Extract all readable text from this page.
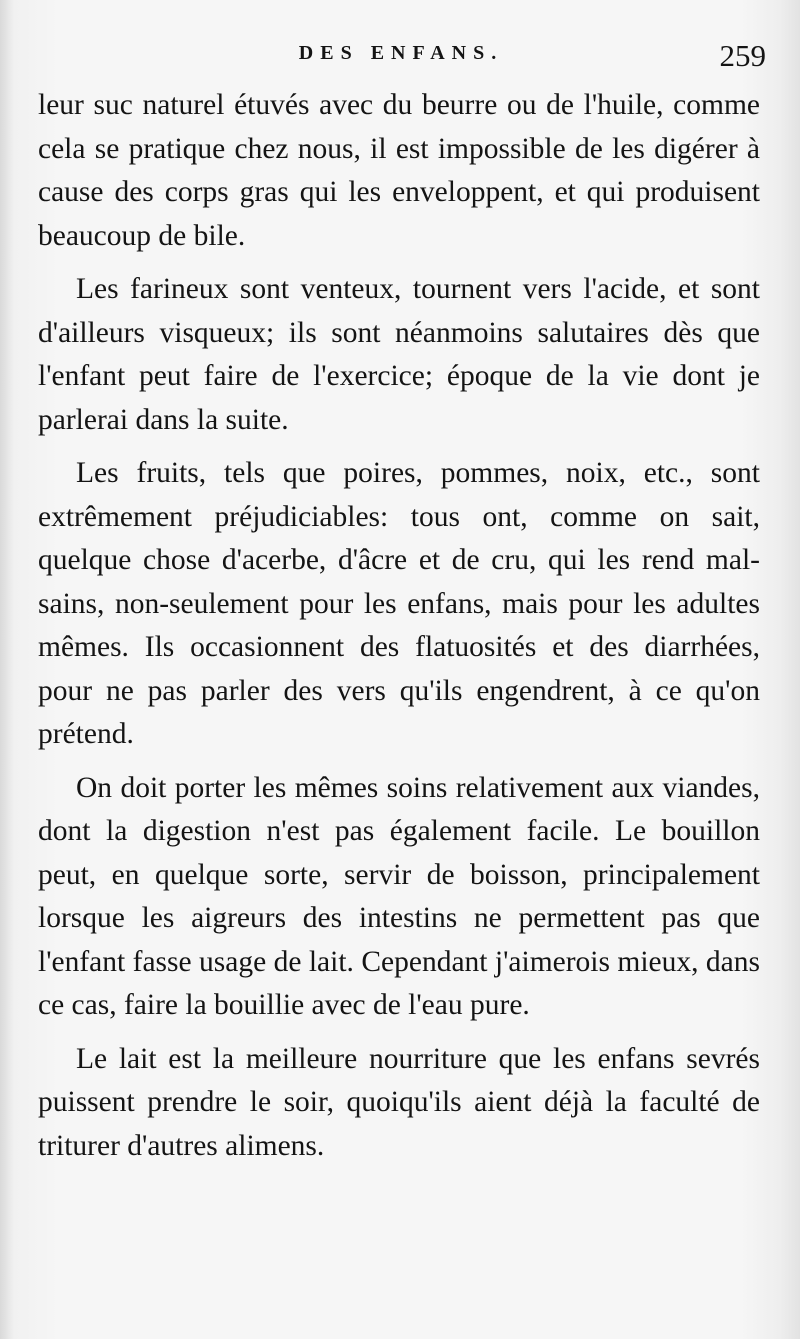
DES ENFANS.	259

leur suc naturel étuvés avec du beurre ou de l'huile, comme cela se pratique chez nous, il est impossible de les digérer à cause des corps gras qui les enveloppent, et qui produisent beaucoup de bile.

Les farineux sont venteux, tournent vers l'acide, et sont d'ailleurs visqueux; ils sont néanmoins salutaires dès que l'enfant peut faire de l'exercice; époque de la vie dont je parlerai dans la suite.

Les fruits, tels que poires, pommes, noix, etc., sont extrêmement préjudiciables: tous ont, comme on sait, quelque chose d'acerbe, d'âcre et de cru, qui les rend mal-sains, non-seulement pour les enfans, mais pour les adultes mêmes. Ils occasionnent des flatuosités et des diarrhées, pour ne pas parler des vers qu'ils engendrent, à ce qu'on prétend.

On doit porter les mêmes soins relativement aux viandes, dont la digestion n'est pas également facile. Le bouillon peut, en quelque sorte, servir de boisson, principalement lorsque les aigreurs des intestins ne permettent pas que l'enfant fasse usage de lait. Cependant j'aimerois mieux, dans ce cas, faire la bouillie avec de l'eau pure.

Le lait est la meilleure nourriture que les enfans sevrés puissent prendre le soir, quoiqu'ils aient déjà la faculté de triturer d'autres alimens.
